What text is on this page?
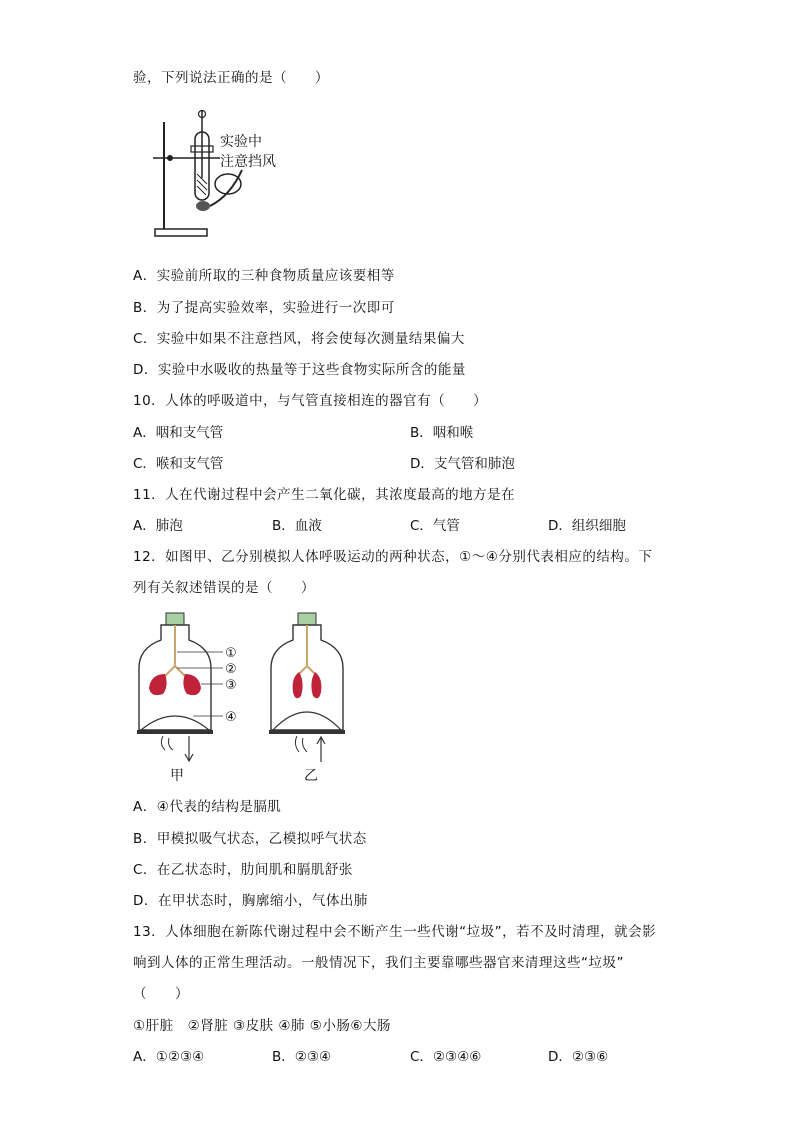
验，下列说法正确的是（　　）
实验中
注意挡风
A．实验前所取的三种食物质量应该要相等
B．为了提高实验效率，实验进行一次即可
C．实验中如果不注意挡风，将会使每次测量结果偏大
D．实验中水吸收的热量等于这些食物实际所含的能量
10．人体的呼吸道中，与气管直接相连的器官有（　　）
A．咽和支气管	B．咽和喉
C．喉和支气管	D．支气管和肺泡
11．人在代谢过程中会产生二氧化碳，其浓度最高的地方是在
A．肺泡	B．血液	C．气管	D．组织细胞
12．如图甲、乙分别模拟人体呼吸运动的两种状态，①～④分别代表相应的结构。下
列有关叙述错误的是（　　）
甲	乙
①
②
③
④
A．④代表的结构是膈肌
B．甲模拟吸气状态，乙模拟呼气状态
C．在乙状态时，肋间肌和膈肌舒张
D．在甲状态时，胸廓缩小，气体出肺
13．人体细胞在新陈代谢过程中会不断产生一些代谢“垃圾”，若不及时清理，就会影
响到人体的正常生理活动。一般情况下，我们主要靠哪些器官来清理这些“垃圾”
（　　）
①肝脏　②肾脏 ③皮肤 ④肺 ⑤小肠⑥大肠
A．①②③④	B．②③④	C．②③④⑥	D．②③⑥
